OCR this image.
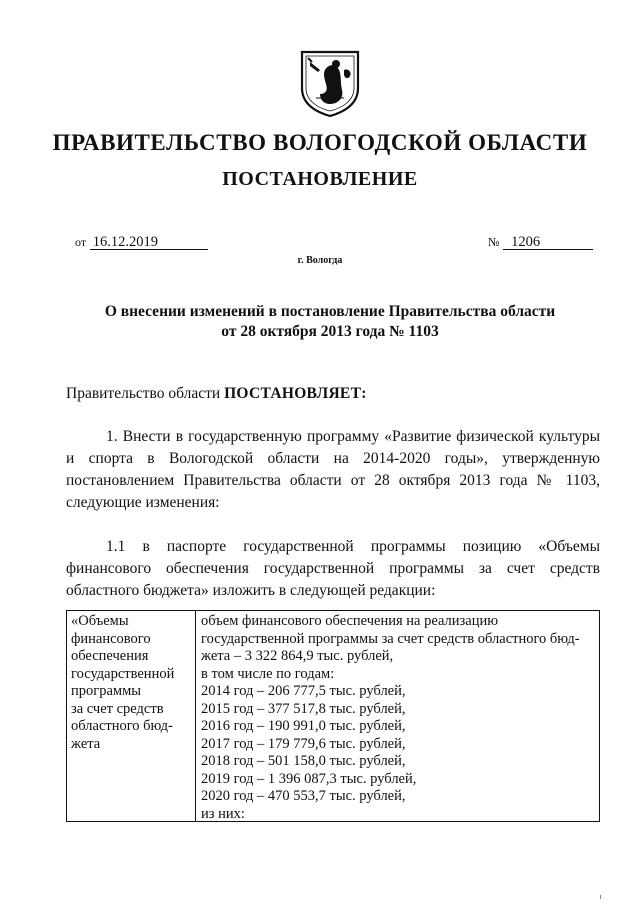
ПРАВИТЕЛЬСТВО ВОЛОГОДСКОЙ ОБЛАСТИ
ПОСТАНОВЛЕНИЕ
от 16.12.2019	№ 1206
г. Вологда
О внесении изменений в постановление Правительства области
от 28 октября 2013 года № 1103
Правительство области ПОСТАНОВЛЯЕТ:
1. Внести в государственную программу «Развитие физической культуры и спорта в Вологодской области на 2014-2020 годы», утвержденную постановлением Правительства области от 28 октября 2013 года № 1103, следующие изменения:
1.1 в паспорте государственной программы позицию «Объемы финансового обеспечения государственной программы за счет средств областного бюджета» изложить в следующей редакции:
«Объемы
финансового
обеспечения
государственной
программы
за счет средств
областного бюд-
жета
объем финансового обеспечения на реализацию
государственной программы за счет средств областного бюд-
жета – 3 322 864,9 тыс. рублей,
в том числе по годам:
2014 год – 206 777,5 тыс. рублей,
2015 год – 377 517,8 тыс. рублей,
2016 год – 190 991,0 тыс. рублей,
2017 год – 179 779,6 тыс. рублей,
2018 год – 501 158,0 тыс. рублей,
2019 год – 1 396 087,3 тыс. рублей,
2020 год – 470 553,7 тыс. рублей,
из них:
